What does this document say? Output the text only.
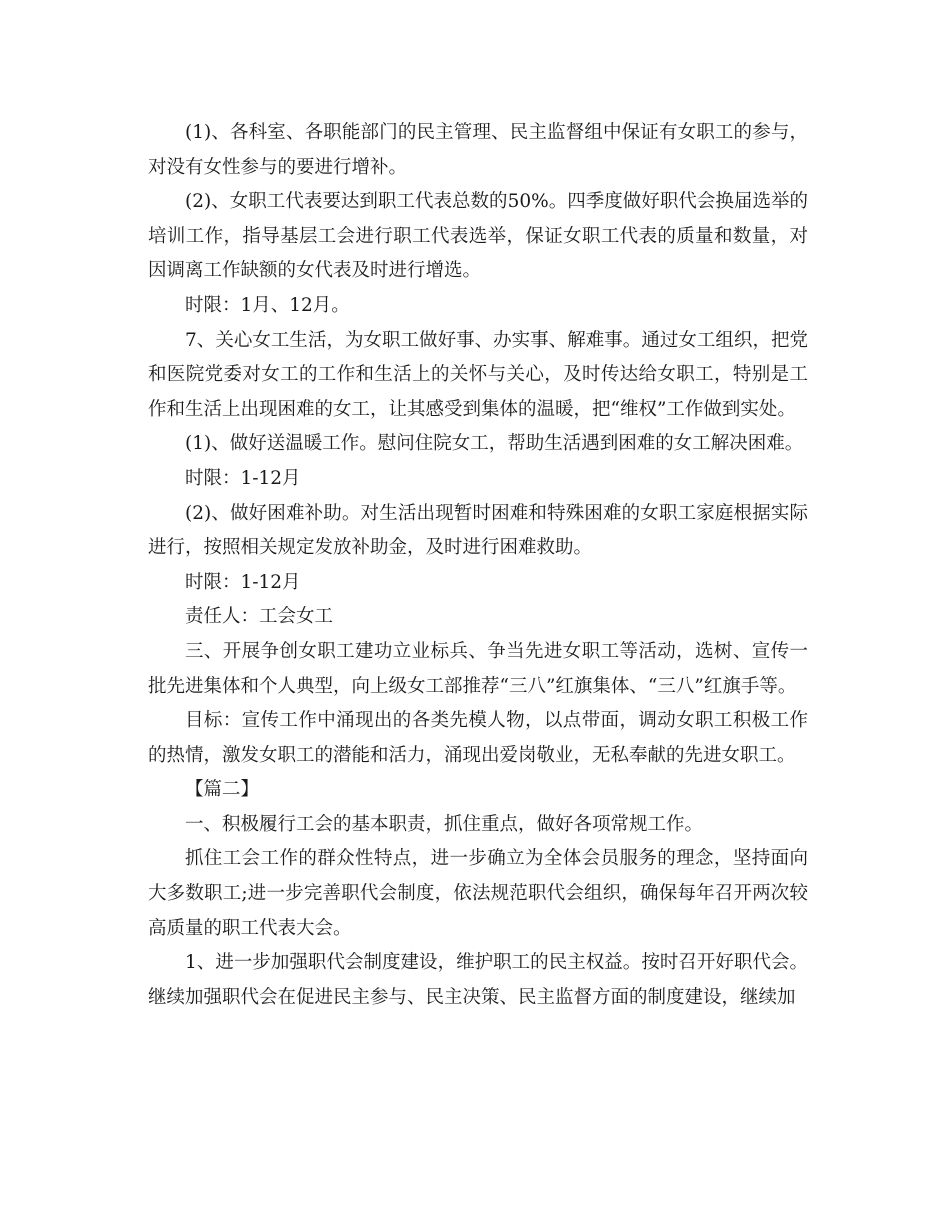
(1)、各科室、各职能部门的民主管理、民主监督组中保证有女职工的参与，对没有女性参与的要进行增补。

(2)、女职工代表要达到职工代表总数的50%。四季度做好职代会换届选举的培训工作，指导基层工会进行职工代表选举，保证女职工代表的质量和数量，对因调离工作缺额的女代表及时进行增选。

时限：1月、12月。

7、关心女工生活，为女职工做好事、办实事、解难事。通过女工组织，把党和医院党委对女工的工作和生活上的关怀与关心，及时传达给女职工，特别是工作和生活上出现困难的女工，让其感受到集体的温暖，把“维权”工作做到实处。

(1)、做好送温暖工作。慰问住院女工，帮助生活遇到困难的女工解决困难。

时限：1-12月

(2)、做好困难补助。对生活出现暂时困难和特殊困难的女职工家庭根据实际进行，按照相关规定发放补助金，及时进行困难救助。

时限：1-12月

责任人：工会女工

三、开展争创女职工建功立业标兵、争当先进女职工等活动，选树、宣传一批先进集体和个人典型，向上级女工部推荐“三八”红旗集体、“三八”红旗手等。

目标：宣传工作中涌现出的各类先模人物，以点带面，调动女职工积极工作的热情，激发女职工的潜能和活力，涌现出爱岗敬业，无私奉献的先进女职工。

【篇二】

一、积极履行工会的基本职责，抓住重点，做好各项常规工作。

抓住工会工作的群众性特点，进一步确立为全体会员服务的理念，坚持面向大多数职工;进一步完善职代会制度，依法规范职代会组织，确保每年召开两次较高质量的职工代表大会。

1、进一步加强职代会制度建设，维护职工的民主权益。按时召开好职代会。继续加强职代会在促进民主参与、民主决策、民主监督方面的制度建设，继续加
